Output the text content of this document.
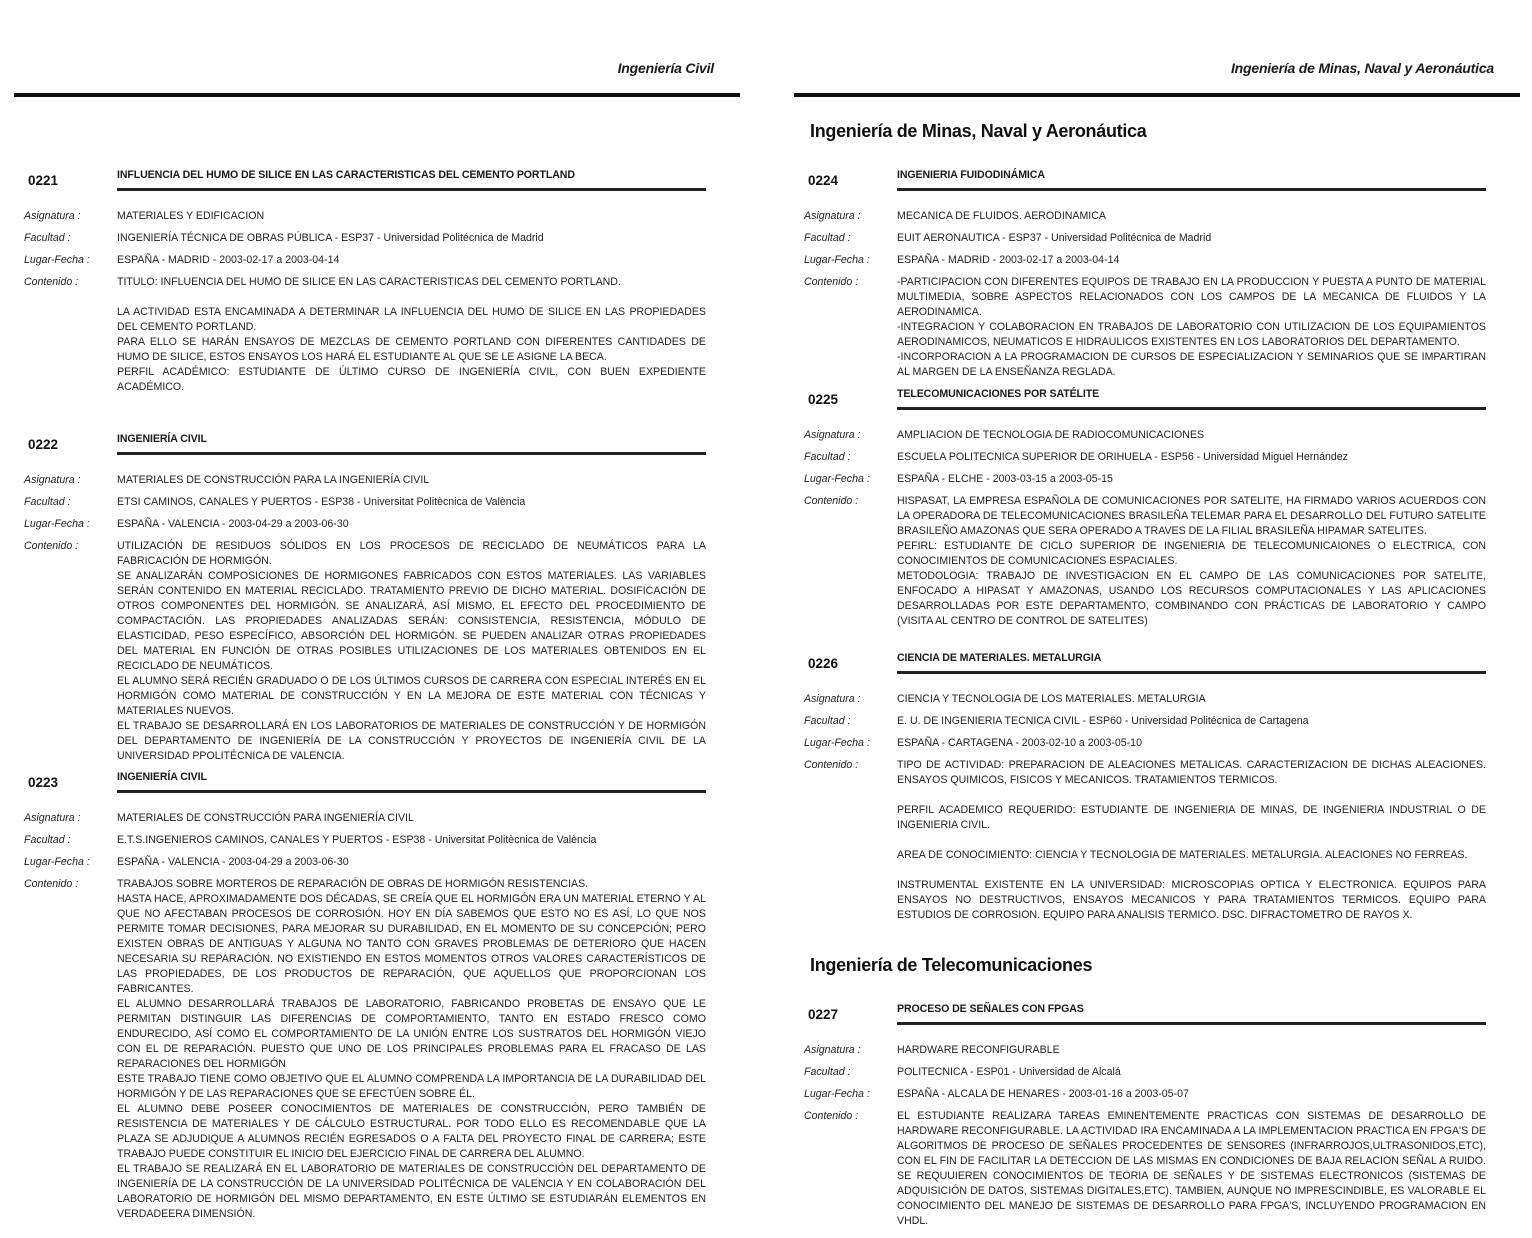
Ingeniería Civil
0221	INFLUENCIA DEL HUMO DE SILICE EN LAS CARACTERISTICAS DEL CEMENTO PORTLAND
Asignatura :	MATERIALES Y EDIFICACION
Facultad :	INGENIERÍA TÉCNICA DE OBRAS PÚBLICA - ESP37 - Universidad Politécnica de Madrid
Lugar-Fecha :	ESPAÑA - MADRID - 2003-02-17 a 2003-04-14
Contenido :	TITULO: INFLUENCIA DEL HUMO DE SILICE EN LAS CARACTERISTICAS DEL CEMENTO PORTLAND.
LA ACTIVIDAD ESTA ENCAMINADA A DETERMINAR LA INFLUENCIA DEL HUMO DE SILICE EN LAS PROPIEDADES DEL CEMENTO PORTLAND.
PARA ELLO SE HARÁN ENSAYOS DE MEZCLAS DE CEMENTO PORTLAND CON DIFERENTES CANTIDADES DE HUMO DE SILICE, ESTOS ENSAYOS LOS HARÁ EL ESTUDIANTE AL QUE SE LE ASIGNE LA BECA.
PERFIL ACADÉMICO: ESTUDIANTE DE ÚLTIMO CURSO DE INGENIERÍA CIVIL, CON BUEN EXPEDIENTE ACADÉMICO.
0222	INGENIERÍA CIVIL
Asignatura :	MATERIALES DE CONSTRUCCIÓN PARA LA INGENIERÍA CIVIL
Facultad :	ETSI CAMINOS, CANALES Y PUERTOS - ESP38 - Universitat Politècnica de València
Lugar-Fecha :	ESPAÑA - VALENCIA - 2003-04-29 a 2003-06-30
Contenido :	UTILIZACIÓN DE RESIDUOS SÓLIDOS EN LOS PROCESOS DE RECICLADO DE NEUMÁTICOS PARA LA FABRICACIÓN DE HORMIGÓN.
SE ANALIZARÁN COMPOSICIONES DE HORMIGONES FABRICADOS CON ESTOS MATERIALES. LAS VARIABLES SERÁN CONTENIDO EN MATERIAL RECICLADO. TRATAMIENTO PREVIO DE DICHO MATERIAL. DOSIFICACIÓN DE OTROS COMPONENTES DEL HORMIGÓN. SE ANALIZARÁ, ASÍ MISMO, EL EFECTO DEL PROCEDIMIENTO DE COMPACTACIÓN. LAS PROPIEDADES ANALIZADAS SERÁN: CONSISTENCIA, RESISTENCIA, MÓDULO DE ELASTICIDAD, PESO ESPECÍFICO, ABSORCIÓN DEL HORMIGÓN. SE PUEDEN ANALIZAR OTRAS PROPIEDADES DEL MATERIAL EN FUNCIÓN DE OTRAS POSIBLES UTILIZACIONES DE LOS MATERIALES OBTENIDOS EN EL RECICLADO DE NEUMÁTICOS.
EL ALUMNO SERÁ RECIÉN GRADUADO O DE LOS ÚLTIMOS CURSOS DE CARRERA CON ESPECIAL INTERÉS EN EL HORMIGÓN COMO MATERIAL DE CONSTRUCCIÓN Y EN LA MEJORA DE ESTE MATERIAL CON TÉCNICAS Y MATERIALES NUEVOS.
EL TRABAJO SE DESARROLLARÁ EN LOS LABORATORIOS DE MATERIALES DE CONSTRUCCIÓN Y DE HORMIGÓN DEL DEPARTAMENTO DE INGENIERÍA DE LA CONSTRUCCIÓN Y PROYECTOS DE INGENIERÍA CIVIL DE LA UNIVERSIDAD PPOLITÉCNICA DE VALENCIA.
0223	INGENIERÍA CIVIL
Asignatura :	MATERIALES DE CONSTRUCCIÓN PARA INGENIERÍA CIVIL
Facultad :	E.T.S.INGENIEROS CAMINOS, CANALES Y PUERTOS - ESP38 - Universitat Politècnica de València
Lugar-Fecha :	ESPAÑA - VALENCIA - 2003-04-29 a 2003-06-30
Contenido :	TRABAJOS SOBRE MORTEROS DE REPARACIÓN DE OBRAS DE HORMIGÓN RESISTENCIAS.
HASTA HACE, APROXIMADAMENTE DOS DÉCADAS, SE CREÍA QUE EL HORMIGÓN ERA UN MATERIAL ETERNO Y AL QUE NO AFECTABAN PROCESOS DE CORROSIÓN. HOY EN DÍA SABEMOS QUE ESTO NO ES ASÍ, LO QUE NOS PERMITE TOMAR DECISIONES, PARA MEJORAR SU DURABILIDAD, EN EL MOMENTO DE SU CONCEPCIÓN; PERO EXISTEN OBRAS DE ANTIGUAS Y ALGUNA NO TANTO CON GRAVES PROBLEMAS DE DETERIORO QUE HACEN NECESARIA SU REPARACIÓN. NO EXISTIENDO EN ESTOS MOMENTOS OTROS VALORES CARACTERÍSTICOS DE LAS PROPIEDADES, DE LOS PRODUCTOS DE REPARACIÓN, QUE AQUELLOS QUE PROPORCIONAN LOS FABRICANTES.
EL ALUMNO DESARROLLARÁ TRABAJOS DE LABORATORIO, FABRICANDO PROBETAS DE ENSAYO QUE LE PERMITAN DISTINGUIR LAS DIFERENCIAS DE COMPORTAMIENTO, TANTO EN ESTADO FRESCO COMO ENDURECIDO, ASÍ COMO EL COMPORTAMIENTO DE LA UNIÓN ENTRE LOS SUSTRATOS DEL HORMIGÓN VIEJO CON EL DE REPARACIÓN. PUESTO QUE UNO DE LOS PRINCIPALES PROBLEMAS PARA EL FRACASO DE LAS REPARACIONES DEL HORMIGÓN
ESTE TRABAJO TIENE COMO OBJETIVO QUE EL ALUMNO COMPRENDA LA IMPORTANCIA DE LA DURABILIDAD DEL HORMIGÓN Y DE LAS REPARACIONES QUE SE EFECTÚEN SOBRE ÉL.
EL ALUMNO DEBE POSEER CONOCIMIENTOS DE MATERIALES DE CONSTRUCCIÓN, PERO TAMBIÉN DE RESISTENCIA DE MATERIALES Y DE CÁLCULO ESTRUCTURAL. POR TODO ELLO ES RECOMENDABLE QUE LA PLAZA SE ADJUDIQUE A ALUMNOS RECIÉN EGRESADOS O A FALTA DEL PROYECTO FINAL DE CARRERA; ESTE TRABAJO PUEDE CONSTITUIR EL INICIO DEL EJERCICIO FINAL DE CARRERA DEL ALUMNO.
EL TRABAJO SE REALIZARÁ EN EL LABORATORIO DE MATERIALES DE CONSTRUCCIÓN DEL DEPARTAMENTO DE INGENIERÍA DE LA CONSTRUCCIÓN DE LA UNIVERSIDAD POLITÉCNICA DE VALENCIA Y EN COLABORACIÓN DEL LABORATORIO DE HORMIGÓN DEL MISMO DEPARTAMENTO, EN ESTE ÚLTIMO SE ESTUDIARÁN ELEMENTOS EN VERDADEERA DIMENSIÓN.
Ingeniería de Minas, Naval y Aeronáutica
Ingeniería de Minas, Naval y Aeronáutica
0224	INGENIERIA FUIDODINÁMICA
Asignatura :	MECANICA DE FLUIDOS. AERODINAMICA
Facultad :	EUIT AERONAUTICA - ESP37 - Universidad Politécnica de Madrid
Lugar-Fecha :	ESPAÑA - MADRID - 2003-02-17 a 2003-04-14
Contenido :	-PARTICIPACION CON DIFERENTES EQUIPOS DE TRABAJO EN LA PRODUCCION Y PUESTA A PUNTO DE MATERIAL MULTIMEDIA, SOBRE ASPECTOS RELACIONADOS CON LOS CAMPOS DE LA MECANICA DE FLUIDOS Y LA AERODINAMICA.
-INTEGRACION Y COLABORACION EN TRABAJOS DE LABORATORIO CON UTILIZACION DE LOS EQUIPAMIENTOS AERODINAMICOS, NEUMATICOS E HIDRAULICOS EXISTENTES EN LOS LABORATORIOS DEL DEPARTAMENTO.
-INCORPORACION A LA PROGRAMACION DE CURSOS DE ESPECIALIZACION Y SEMINARIOS QUE SE IMPARTIRAN AL MARGEN DE LA ENSEÑANZA REGLADA.
0225	TELECOMUNICACIONES POR SATÉLITE
Asignatura :	AMPLIACION DE TECNOLOGIA DE RADIOCOMUNICACIONES
Facultad :	ESCUELA POLITECNICA SUPERIOR DE ORIHUELA - ESP56 - Universidad Miguel Hernández
Lugar-Fecha :	ESPAÑA - ELCHE - 2003-03-15 a 2003-05-15
Contenido :	HISPASAT, LA EMPRESA ESPAÑOLA DE COMUNICACIONES POR SATELITE, HA FIRMADO VARIOS ACUERDOS CON LA OPERADORA DE TELECOMUNICACIONES BRASILEÑA TELEMAR PARA EL DESARROLLO DEL FUTURO SATELITE BRASILEÑO AMAZONAS QUE SERA OPERADO A TRAVES DE LA FILIAL BRASILEÑA HIPAMAR SATELITES.
PEFIRL: ESTUDIANTE DE CICLO SUPERIOR DE INGENIERIA DE TELECOMUNICAIONES O ELECTRICA, CON CONOCIMIENTOS DE COMUNICACIONES ESPACIALES.
METODOLOGIA: TRABAJO DE INVESTIGACION EN EL CAMPO DE LAS COMUNICACIONES POR SATELITE, ENFOCADO A HIPASAT Y AMAZONAS, USANDO LOS RECURSOS COMPUTACIONALES Y LAS APLICACIONES DESARROLLADAS POR ESTE DEPARTAMENTO, COMBINANDO CON PRÁCTICAS DE LABORATORIO Y CAMPO (VISITA AL CENTRO DE CONTROL DE SATELITES)
0226	CIENCIA DE MATERIALES. METALURGIA
Asignatura :	CIENCIA Y TECNOLOGIA DE LOS MATERIALES. METALURGIA
Facultad :	E. U. DE INGENIERIA TECNICA CIVIL - ESP60 - Universidad Politécnica de Cartagena
Lugar-Fecha :	ESPAÑA - CARTAGENA - 2003-02-10 a 2003-05-10
Contenido :	TIPO DE ACTIVIDAD: PREPARACION DE ALEACIONES METALICAS. CARACTERIZACION DE DICHAS ALEACIONES. ENSAYOS QUIMICOS, FISICOS Y MECANICOS. TRATAMIENTOS TERMICOS.
PERFIL ACADEMICO REQUERIDO: ESTUDIANTE DE INGENIERIA DE MINAS, DE INGENIERIA INDUSTRIAL O DE INGENIERIA CIVIL.
AREA DE CONOCIMIENTO: CIENCIA Y TECNOLOGIA DE MATERIALES. METALURGIA. ALEACIONES NO FERREAS.
INSTRUMENTAL EXISTENTE EN LA UNIVERSIDAD: MICROSCOPIAS OPTICA Y ELECTRONICA. EQUIPOS PARA ENSAYOS NO DESTRUCTIVOS, ENSAYOS MECANICOS Y PARA TRATAMIENTOS TERMICOS. EQUIPO PARA ESTUDIOS DE CORROSION. EQUIPO PARA ANALISIS TERMICO. DSC. DIFRACTOMETRO DE RAYOS X.
Ingeniería de Telecomunicaciones
0227	PROCESO DE SEÑALES CON FPGAS
Asignatura :	HARDWARE RECONFIGURABLE
Facultad :	POLITECNICA - ESP01 - Universidad de Alcalá
Lugar-Fecha :	ESPAÑA - ALCALA DE HENARES - 2003-01-16 a 2003-05-07
Contenido :	EL ESTUDIANTE REALIZARA TAREAS EMINENTEMENTE PRACTICAS CON SISTEMAS DE DESARROLLO DE HARDWARE RECONFIGURABLE. LA ACTIVIDAD IRA ENCAMINADA A LA IMPLEMENTACION PRACTICA EN FPGA'S DE ALGORITMOS DE PROCESO DE SEÑALES PROCEDENTES DE SENSORES (INFRARROJOS,ULTRASONIDOS,ETC), CON EL FIN DE FACILITAR LA DETECCION DE LAS MISMAS EN CONDICIONES DE BAJA RELACION SEÑAL A RUIDO. SE REQUUIEREN CONOCIMIENTOS DE TEORIA DE SEÑALES Y DE SISTEMAS ELECTRONICOS (SISTEMAS DE ADQUISICIÓN DE DATOS, SISTEMAS DIGITALES,ETC). TAMBIEN, AUNQUE NO IMPRESCINDIBLE, ES VALORABLE EL CONOCIMIENTO DEL MANEJO DE SISTEMAS DE DESARROLLO PARA FPGA'S, INCLUYENDO PROGRAMACION EN VHDL.
